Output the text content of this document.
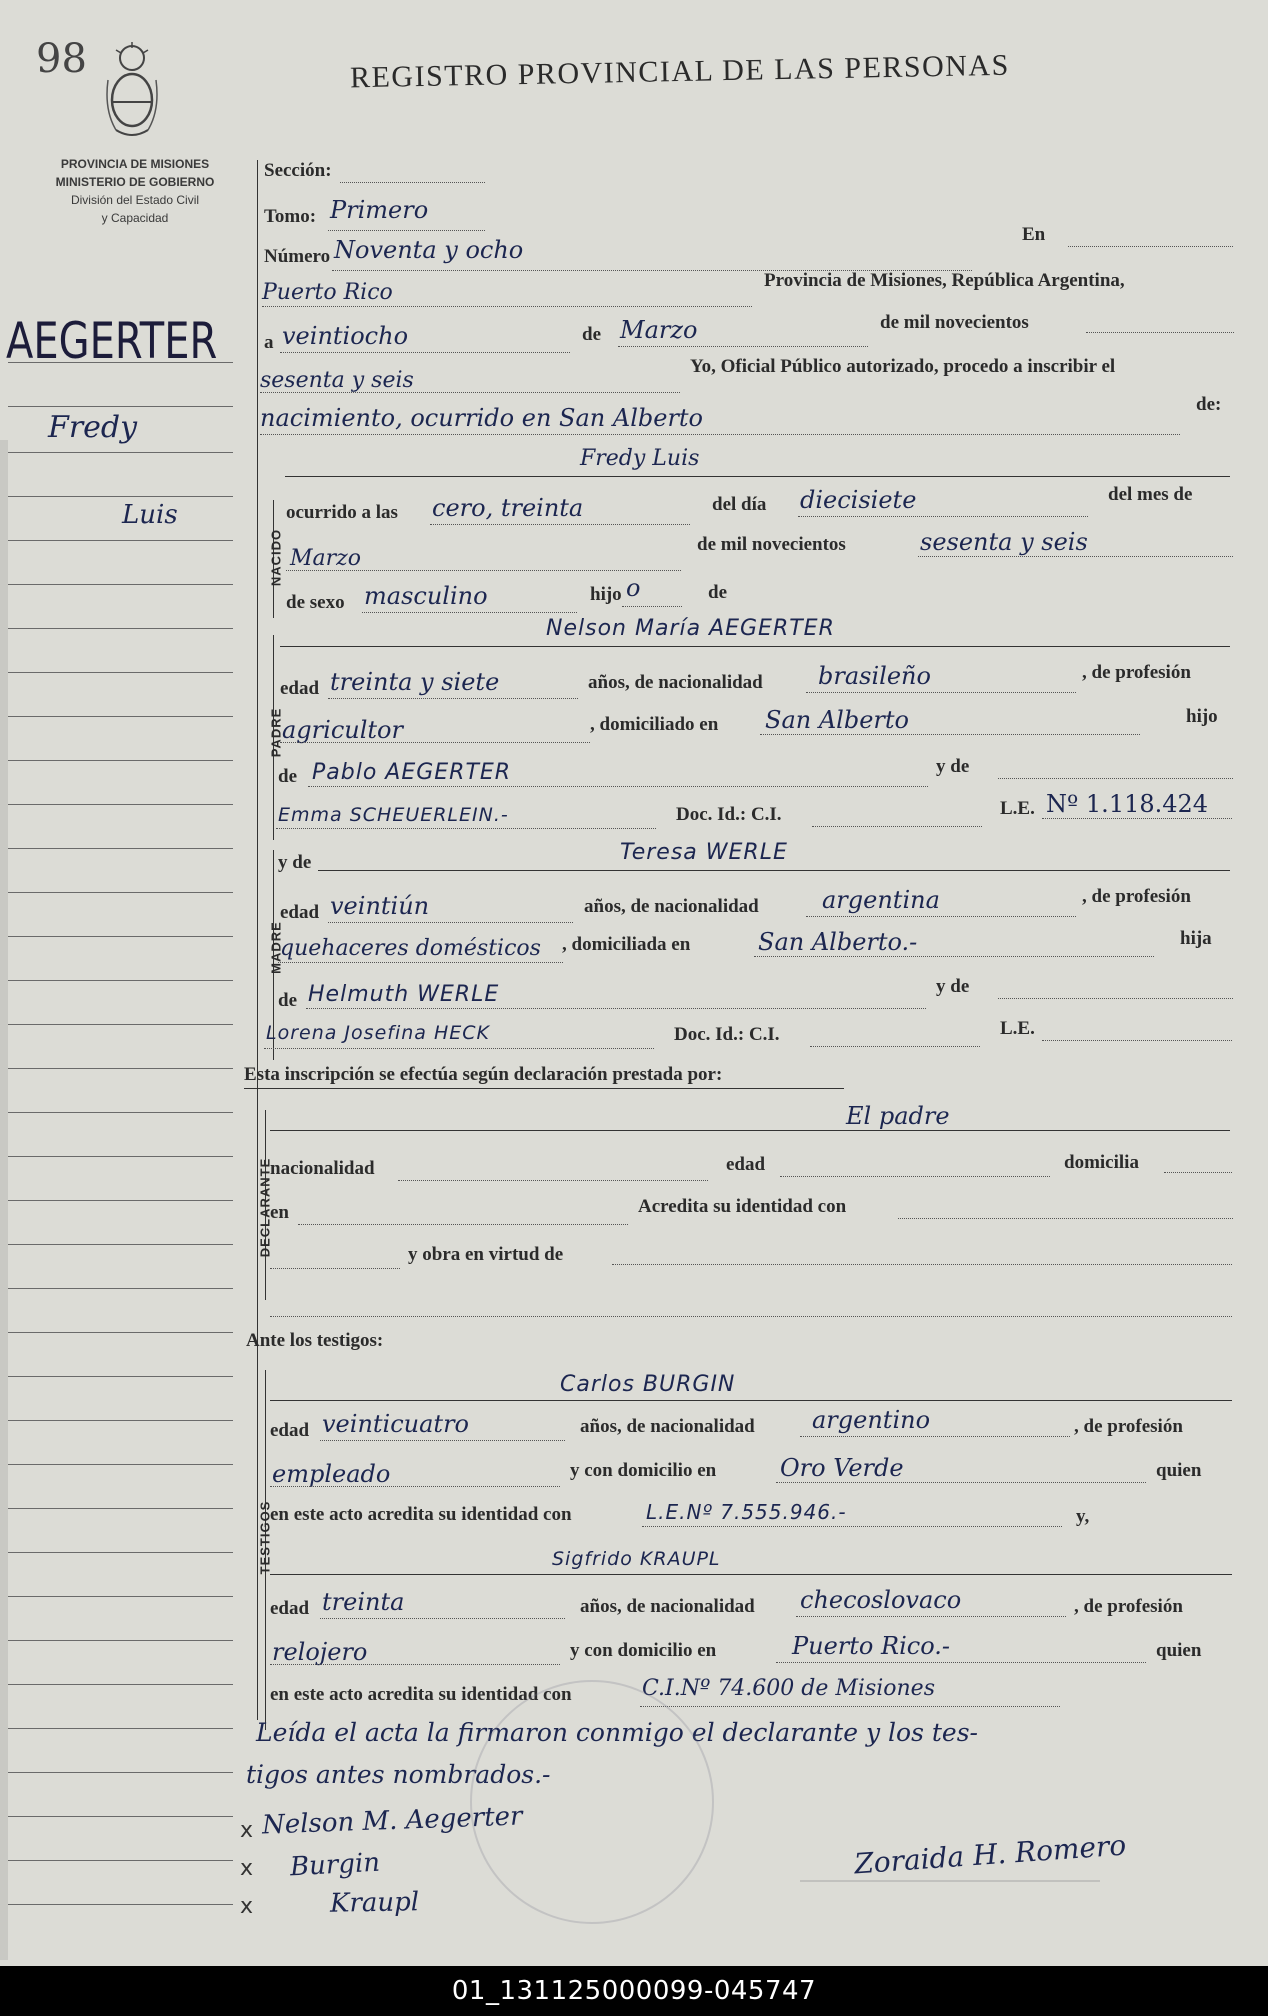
98	REGISTRO PROVINCIAL DE LAS PERSONAS
PROVINCIA DE MISIONES
MINISTERIO DE GOBIERNO
División del Estado Civil
y Capacidad
AEGERTER
Fredy
Luis
Sección:
Tomo: Primero
Número Noventa y ocho
En
Puerto Rico	Provincia de Misiones, República Argentina,
a veintiocho	de Marzo	de mil novecientos
sesenta y seis
Yo, Oficial Público autorizado, procedo a inscribir el
nacimiento, ocurrido en San Alberto	de:
NACIDO
Fredy Luis
ocurrido a las cero, treinta	del día diecisiete	del mes de
Marzo
de mil novecientos	sesenta y seis
de sexo masculino	hijo o	de
PADRE
Nelson María AEGERTER
edad treinta y siete	años, de nacionalidad brasileño	, de profesión
agricultor	, domiciliado en San Alberto	hijo
de Pablo AEGERTER	y de
Emma SCHEUERLEIN.-	Doc. Id.: C.I.	L.E. Nº 1.118.424
MADRE
y de	Teresa WERLE
edad veintiún	años, de nacionalidad	argentina	, de profesión
quehaceres domésticos , domiciliada en	San Alberto.-	hija
de Helmuth WERLE	y de
Lorena Josefina HECK	Doc. Id.: C.I.	L.E.
Esta inscripción se efectúa según declaración prestada por:
DECLARANTE
El padre
nacionalidad	edad	domicilia
en	Acredita su identidad con
y obra en virtud de
Ante los testigos:
TESTIGOS
Carlos BURGIN
edad veinticuatro	años, de nacionalidad argentino	, de profesión
empleado	y con domicilio en	Oro Verde	quien
en este acto acredita su identidad con	L.E.Nº 7.555.946.-	y,
Sigfrido KRAUPL
edad treinta	años, de nacionalidad checoslovaco	, de profesión
relojero	y con domicilio en	Puerto Rico.-	quien
en este acto acredita su identidad con	C.I.Nº 74.600 de Misiones
Leída el acta la firmaron conmigo el declarante y los tes-
tigos antes nombrados.-
Nelson M. Aegerter
Burgin
Kraupl
x
x
x
Zoraida H. Romero
01_131125000099-045747
